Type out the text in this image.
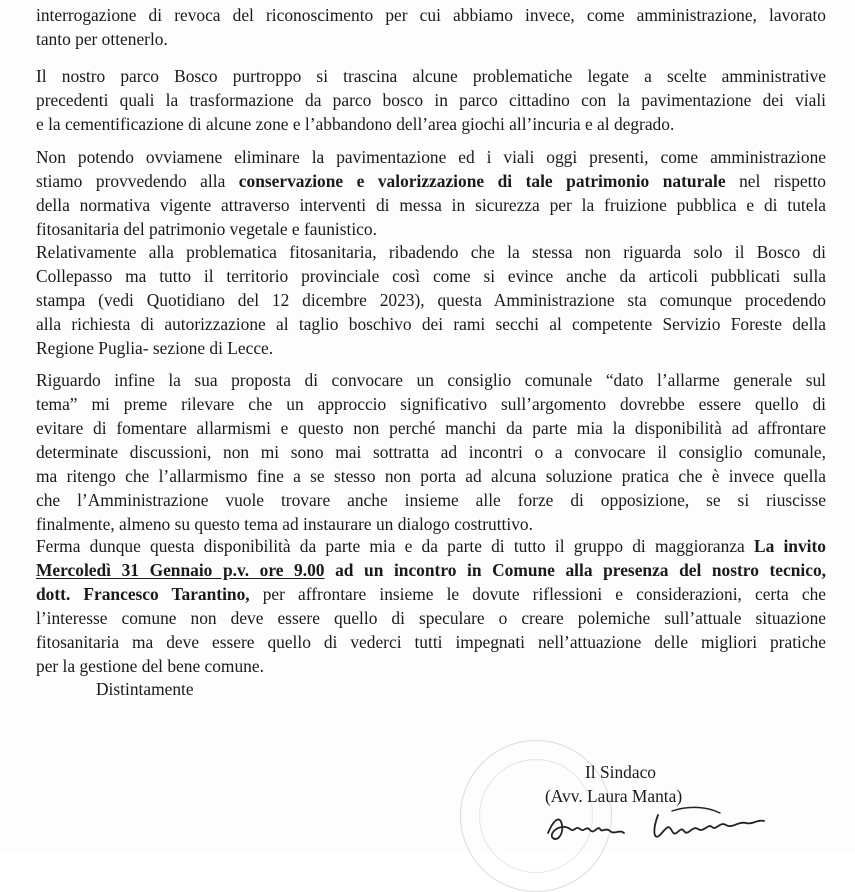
interrogazione di revoca del riconoscimento per cui abbiamo invece, come amministrazione, lavorato
tanto per ottenerlo.

Il nostro parco Bosco purtroppo si trascina alcune problematiche legate a scelte amministrative
precedenti quali la trasformazione da parco bosco in parco cittadino con la pavimentazione dei viali
e la cementificazione di alcune zone e l’abbandono dell’area giochi all’incuria e al degrado.

Non potendo ovviamene eliminare la pavimentazione ed i viali oggi presenti, come amministrazione
stiamo provvedendo alla conservazione e valorizzazione di tale patrimonio naturale nel rispetto
della normativa vigente attraverso interventi di messa in sicurezza per la fruizione pubblica e di tutela
fitosanitaria del patrimonio vegetale e faunistico.

Relativamente alla problematica fitosanitaria, ribadendo che la stessa non riguarda solo il Bosco di
Collepasso ma tutto il territorio provinciale così come si evince anche da articoli pubblicati sulla
stampa (vedi Quotidiano del 12 dicembre 2023), questa Amministrazione sta comunque procedendo
alla richiesta di autorizzazione al taglio boschivo dei rami secchi al competente Servizio Foreste della
Regione Puglia- sezione di Lecce.

Riguardo infine la sua proposta di convocare un consiglio comunale “dato l’allarme generale sul
tema” mi preme rilevare che un approccio significativo sull’argomento dovrebbe essere quello di
evitare di fomentare allarmismi e questo non perché manchi da parte mia la disponibilità ad affrontare
determinate discussioni, non mi sono mai sottratta ad incontri o a convocare il consiglio comunale,
ma ritengo che l’allarmismo fine a se stesso non porta ad alcuna soluzione pratica che è invece quella
che l’Amministrazione vuole trovare anche insieme alle forze di opposizione, se si riuscisse
finalmente, almeno su questo tema ad instaurare un dialogo costruttivo.

Ferma dunque questa disponibilità da parte mia e da parte di tutto il gruppo di maggioranza La invito
Mercoledì 31 Gennaio p.v. ore 9.00 ad un incontro in Comune alla presenza del nostro tecnico,
dott. Francesco Tarantino, per affrontare insieme le dovute riflessioni e considerazioni, certa che
l’interesse comune non deve essere quello di speculare o creare polemiche sull’attuale situazione
fitosanitaria ma deve essere quello di vederci tutti impegnati nell’attuazione delle migliori pratiche
per la gestione del bene comune.

Distintamente

Il Sindaco
(Avv. Laura Manta)
